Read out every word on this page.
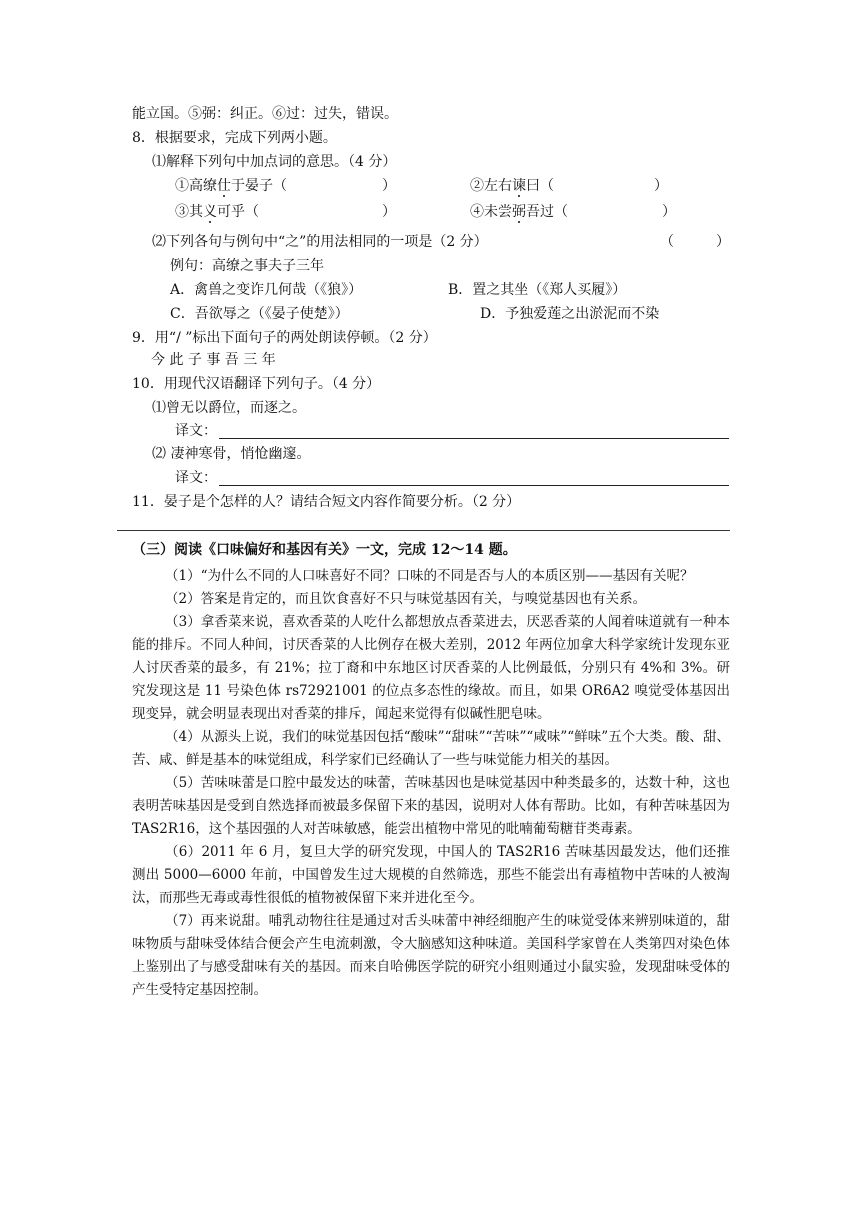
能立国。⑤弼：纠正。⑥过：过失，错误。
8．根据要求，完成下列两小题。
⑴解释下列句中加点词的意思。（4 分）
①高缭仕于晏子（	）	②左右谏曰（	）
③其义可乎（	）	④未尝弼吾过（	）
⑵下列各句与例句中“之”的用法相同的一项是（2 分）	（　　　）
例句：高缭之事夫子三年
A．禽兽之变诈几何哉（《狼》）	B．置之其坐（《郑人买履》）
C．吾欲辱之（《晏子使楚》）	D．予独爱莲之出淤泥而不染
9．用“/ ”标出下面句子的两处朗读停顿。（2 分）
今 此 子 事 吾 三 年
10．用现代汉语翻译下列句子。（4 分）
⑴曾无以爵位，而逐之。
译文：
⑵ 凄神寒骨，悄怆幽邃。
译文：
11．晏子是个怎样的人？请结合短文内容作简要分析。（2 分）
（三）阅读《口味偏好和基因有关》一文，完成 12～14 题。

（1）“为什么不同的人口味喜好不同？口味的不同是否与人的本质区别——基因有关呢？

（2）答案是肯定的，而且饮食喜好不只与味觉基因有关，与嗅觉基因也有关系。

（3）拿香菜来说，喜欢香菜的人吃什么都想放点香菜进去，厌恶香菜的人闻着味道就有一种本能的排斥。不同人种间，讨厌香菜的人比例存在极大差别，2012 年两位加拿大科学家统计发现东亚人讨厌香菜的最多，有 21%；拉丁裔和中东地区讨厌香菜的人比例最低，分别只有 4%和 3%。研究发现这是 11 号染色体 rs72921001 的位点多态性的缘故。而且，如果 OR6A2 嗅觉受体基因出现变异，就会明显表现出对香菜的排斥，闻起来觉得有似碱性肥皂味。

（4）从源头上说，我们的味觉基因包括“酸味”“甜味”“苦味”“咸味”“鲜味”五个大类。酸、甜、苦、咸、鲜是基本的味觉组成，科学家们已经确认了一些与味觉能力相关的基因。

（5）苦味味蕾是口腔中最发达的味蕾，苦味基因也是味觉基因中种类最多的，达数十种，这也表明苦味基因是受到自然选择而被最多保留下来的基因，说明对人体有帮助。比如，有种苦味基因为 TAS2R16，这个基因强的人对苦味敏感，能尝出植物中常见的吡喃葡萄糖苷类毒素。

（6）2011 年 6 月，复旦大学的研究发现，中国人的 TAS2R16 苦味基因最发达，他们还推测出 5000—6000 年前，中国曾发生过大规模的自然筛选，那些不能尝出有毒植物中苦味的人被淘汰，而那些无毒或毒性很低的植物被保留下来并进化至今。

（7）再来说甜。哺乳动物往往是通过对舌头味蕾中神经细胞产生的味觉受体来辨别味道的，甜味物质与甜味受体结合便会产生电流刺激，令大脑感知这种味道。美国科学家曾在人类第四对染色体上鉴别出了与感受甜味有关的基因。而来自哈佛医学院的研究小组则通过小鼠实验，发现甜味受体的产生受特定基因控制。
